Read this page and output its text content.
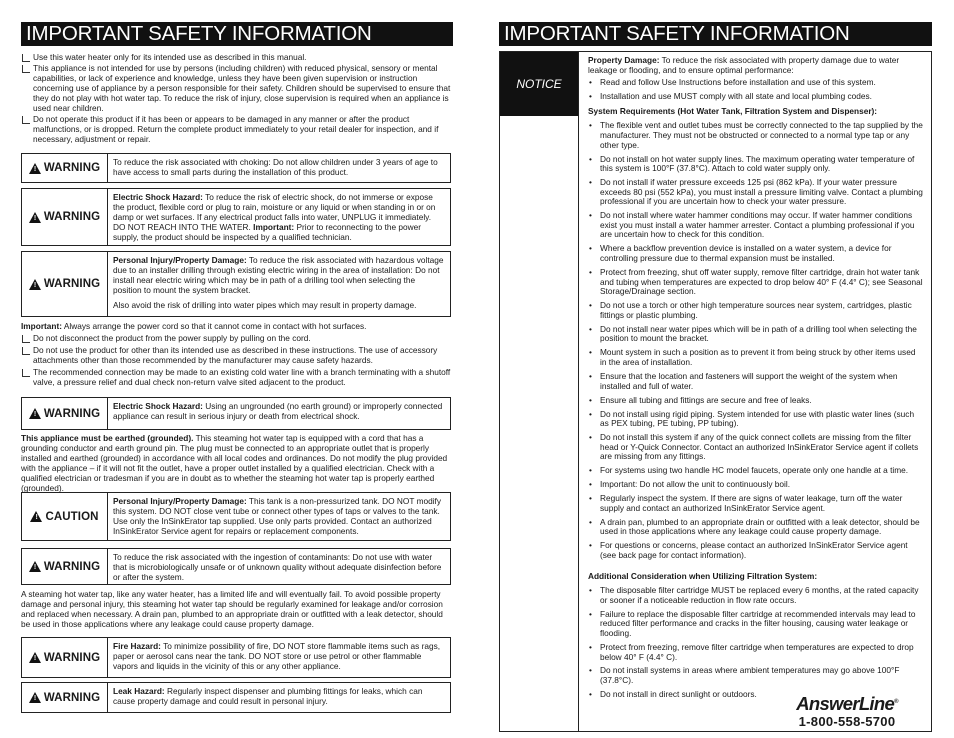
IMPORTANT SAFETY INFORMATION

Use this water heater only for its intended use as described in this manual.

This appliance is not intended for use by persons (including children) with reduced physical, sensory or mental capabilities, or lack of experience and knowledge, unless they have been given supervision or instruction concerning use of appliance by a person responsible for their safety. Children should be supervised to ensure that they do not play with hot water tap. To reduce the risk of injury, close supervision is required when an appliance is used near children.

Do not operate this product if it has been or appears to be damaged in any manner or after the product malfunctions, or is dropped. Return the complete product immediately to your retail dealer for inspection, and if necessary, adjustment or repair.

! WARNING	To reduce the risk associated with choking: Do not allow children under 3 years of age to have access to small parts during the installation of this product.
! WARNING
Electric Shock Hazard: To reduce the risk of electric shock, do not immerse or expose the product, flexible cord or plug to rain, moisture or any liquid or when standing in or on damp or wet surfaces. If any electrical product falls into water, UNPLUG it immediately. DO NOT REACH INTO THE WATER. Important: Prior to reconnecting to the power supply, the product should be inspected by a qualified technician.
! WARNING
Personal Injury/Property Damage: To reduce the risk associated with hazardous voltage due to an installer drilling through existing electric wiring in the area of installation: Do not install near electric wiring which may be in path of a drilling tool when selecting the position to mount the system bracket.
Also avoid the risk of drilling into water pipes which may result in property damage.

Important: Always arrange the power cord so that it cannot come in contact with hot surfaces.

Do not disconnect the product from the power supply by pulling on the cord.

Do not use the product for other than its intended use as described in these instructions. The use of accessory attachments other than those recommended by the manufacturer may cause safety hazards.

The recommended connection may be made to an existing cold water line with a branch terminating with a shutoff valve, a pressure relief and dual check non-return valve sited adjacent to the product.

! WARNING
Electric Shock Hazard: Using an ungrounded (no earth ground) or improperly connected appliance can result in serious injury or death from electrical shock.
This appliance must be earthed (grounded). This steaming hot water tap is equipped with a cord that has a grounding conductor and earth ground pin. The plug must be connected to an appropriate outlet that is properly installed and earthed (grounded) in accordance with all local codes and ordinances. Do not modify the plug provided with the appliance – if it will not fit the outlet, have a proper outlet installed by a qualified electrician. Check with a qualified electrician or tradesman if you are in doubt as to whether the steaming hot water tap is properly earthed (grounded).
! CAUTION
Personal Injury/Property Damage: This tank is a non-pressurized tank. DO NOT modify this system. DO NOT close vent tube or connect other types of taps or valves to the tank. Use only the InSinkErator tap supplied. Use only parts provided. Contact an authorized InSinkErator Service agent for repairs or replacement components.
! WARNING
To reduce the risk associated with the ingestion of contaminants: Do not use with water that is microbiologically unsafe or of unknown quality without adequate disinfection before or after the system.
A steaming hot water tap, like any water heater, has a limited life and will eventually fail. To avoid possible property damage and personal injury, this steaming hot water tap should be regularly examined for leakage and/or corrosion and replaced when necessary. A drain pan, plumbed to an appropriate drain or outfitted with a leak detector, should be used in those applications where any leakage could cause property damage.
! WARNING
Fire Hazard: To minimize possibility of fire, DO NOT store flammable items such as rags, paper or aerosol cans near the tank. DO NOT store or use petrol or other flammable vapors and liquids in the vicinity of this or any other appliance.
! WARNING
Leak Hazard: Regularly inspect dispenser and plumbing fittings for leaks, which can cause property damage and could result in personal injury.
IMPORTANT SAFETY INFORMATION
NOTICE

Property Damage: To reduce the risk associated with property damage due to water leakage or flooding, and to ensure optimal performance:

• Read and follow Use Instructions before installation and use of this system.

• Installation and use MUST comply with all state and local plumbing codes.

System Requirements (Hot Water Tank, Filtration System and Dispenser):

• The flexible vent and outlet tubes must be correctly connected to the tap supplied by the manufacturer. They must not be obstructed or connected to a normal type tap or any other type.

• Do not install on hot water supply lines. The maximum operating water temperature of this system is 100°F (37.8°C). Attach to cold water supply only.

• Do not install if water pressure exceeds 125 psi (862 kPa). If your water pressure exceeds 80 psi (552 kPa), you must install a pressure limiting valve. Contact a plumbing professional if you are uncertain how to check your water pressure.

• Do not install where water hammer conditions may occur. If water hammer conditions exist you must install a water hammer arrester. Contact a plumbing professional if you are uncertain how to check for this condition.

• Where a backflow prevention device is installed on a water system, a device for controlling pressure due to thermal expansion must be installed.

• Protect from freezing, shut off water supply, remove filter cartridge, drain hot water tank and tubing when temperatures are expected to drop below 40° F (4.4° C); see Seasonal Storage/Drainage section.

• Do not use a torch or other high temperature sources near system, cartridges, plastic fittings or plastic plumbing.

• Do not install near water pipes which will be in path of a drilling tool when selecting the position to mount the bracket.

• Mount system in such a position as to prevent it from being struck by other items used in the area of installation.

• Ensure that the location and fasteners will support the weight of the system when installed and full of water.

• Ensure all tubing and fittings are secure and free of leaks.

• Do not install using rigid piping. System intended for use with plastic water lines (such as PEX tubing, PE tubing, PP tubing).

• Do not install this system if any of the quick connect collets are missing from the filter head or Y-Quick Connector. Contact an authorized InSinkErator Service agent if collets are missing from any fittings.

• For systems using two handle HC model faucets, operate only one handle at a time.

• Important: Do not allow the unit to continuously boil.

• Regularly inspect the system. If there are signs of water leakage, turn off the water supply and contact an authorized InSinkErator Service agent.

• A drain pan, plumbed to an appropriate drain or outfitted with a leak detector, should be used in those applications where any leakage could cause property damage.

• For questions or concerns, please contact an authorized InSinkErator Service agent (see back page for contact information).

Additional Consideration when Utilizing Filtration System:

• The disposable filter cartridge MUST be replaced every 6 months, at the rated capacity or sooner if a noticeable reduction in flow rate occurs.

• Failure to replace the disposable filter cartridge at recommended intervals may lead to reduced filter performance and cracks in the filter housing, causing water leakage or flooding.

• Protect from freezing, remove filter cartridge when temperatures are expected to drop below 40° F (4.4° C).

• Do not install systems in areas where ambient temperatures may go above 100°F (37.8°C).

• Do not install in direct sunlight or outdoors.	AnswerLine®
1-800-558-5700
